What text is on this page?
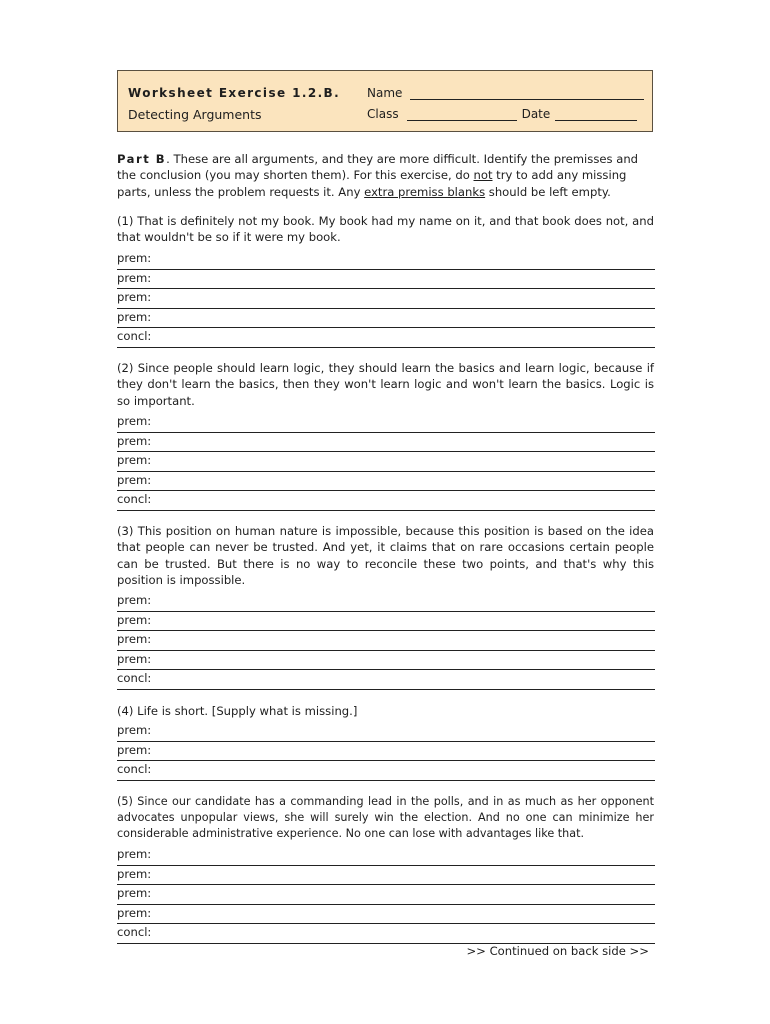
Worksheet Exercise 1.2.B.
Detecting Arguments
Name
Class	Date
Part B. These are all arguments, and they are more difficult. Identify the premisses and the conclusion (you may shorten them). For this exercise, do not try to add any missing parts, unless the problem requests it. Any extra premiss blanks should be left empty.
(1) That is definitely not my book. My book had my name on it, and that book does not, and that wouldn't be so if it were my book.
prem:
prem:
prem:
prem:
concl:
(2) Since people should learn logic, they should learn the basics and learn logic, because if they don't learn the basics, then they won't learn logic and won't learn the basics. Logic is so important.
prem:
prem:
prem:
prem:
concl:
(3) This position on human nature is impossible, because this position is based on the idea that people can never be trusted. And yet, it claims that on rare occasions certain people can be trusted. But there is no way to reconcile these two points, and that's why this position is impossible.
prem:
prem:
prem:
prem:
concl:
(4) Life is short. [Supply what is missing.]
prem:
prem:
concl:
(5) Since our candidate has a commanding lead in the polls, and in as much as her opponent advocates unpopular views, she will surely win the election. And no one can minimize her considerable administrative experience. No one can lose with advantages like that.
prem:
prem:
prem:
prem:
concl:
>> Continued on back side >>
